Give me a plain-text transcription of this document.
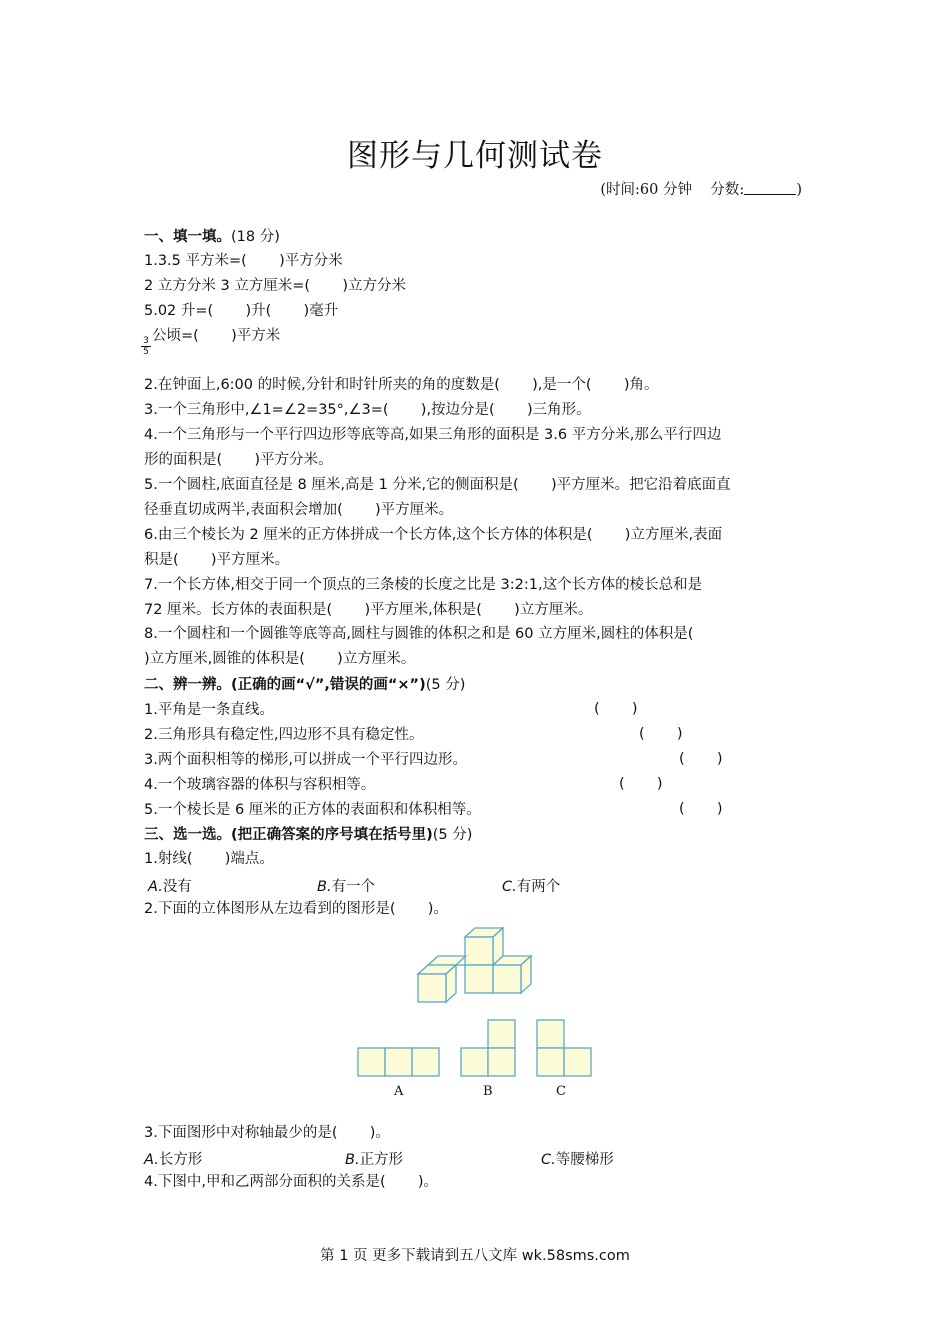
图形与几何测试卷
(时间:60 分钟    分数:	)
一、填一填。(18 分)
1.3.5 平方米=(       )平方分米
2 立方分米 3 立方厘米=(       )立方分米
5.02 升=(       )升(       )毫升
$\frac{3}{5}$ 公顷=(       )平方米
2.在钟面上,6:00 的时候,分针和时针所夹的角的度数是(       ),是一个(       )角。
3.一个三角形中,∠1=∠2=35°,∠3=(       ),按边分是(       )三角形。
4.一个三角形与一个平行四边形等底等高,如果三角形的面积是 3.6 平方分米,那么平行四边
形的面积是(       )平方分米。
5.一个圆柱,底面直径是 8 厘米,高是 1 分米,它的侧面积是(       )平方厘米。把它沿着底面直
径垂直切成两半,表面积会增加(       )平方厘米。
6.由三个棱长为 2 厘米的正方体拼成一个长方体,这个长方体的体积是(       )立方厘米,表面
积是(       )平方厘米。
7.一个长方体,相交于同一个顶点的三条棱的长度之比是 3:2:1,这个长方体的棱长总和是
72 厘米。长方体的表面积是(       )平方厘米,体积是(       )立方厘米。
8.一个圆柱和一个圆锥等底等高,圆柱与圆锥的体积之和是 60 立方厘米,圆柱的体积是(
)立方厘米,圆锥的体积是(       )立方厘米。
二、辨一辨。(正确的画“√”,错误的画“×”)(5 分)
1.平角是一条直线。	(       )
2.三角形具有稳定性,四边形不具有稳定性。	(       )
3.两个面积相等的梯形,可以拼成一个平行四边形。	(       )
4.一个玻璃容器的体积与容积相等。	(       )
5.一个棱长是 6 厘米的正方体的表面积和体积相等。	(       )
三、选一选。(把正确答案的序号填在括号里)(5 分)
1.射线(       )端点。
A.没有	B.有一个	C.有两个
2.下面的立体图形从左边看到的图形是(       )。
A	B	C
3.下面图形中对称轴最少的是(       )。
A.长方形	B.正方形	C.等腰梯形
4.下图中,甲和乙两部分面积的关系是(       )。
第 1 页 更多下载请到五八文库 wk.58sms.com
